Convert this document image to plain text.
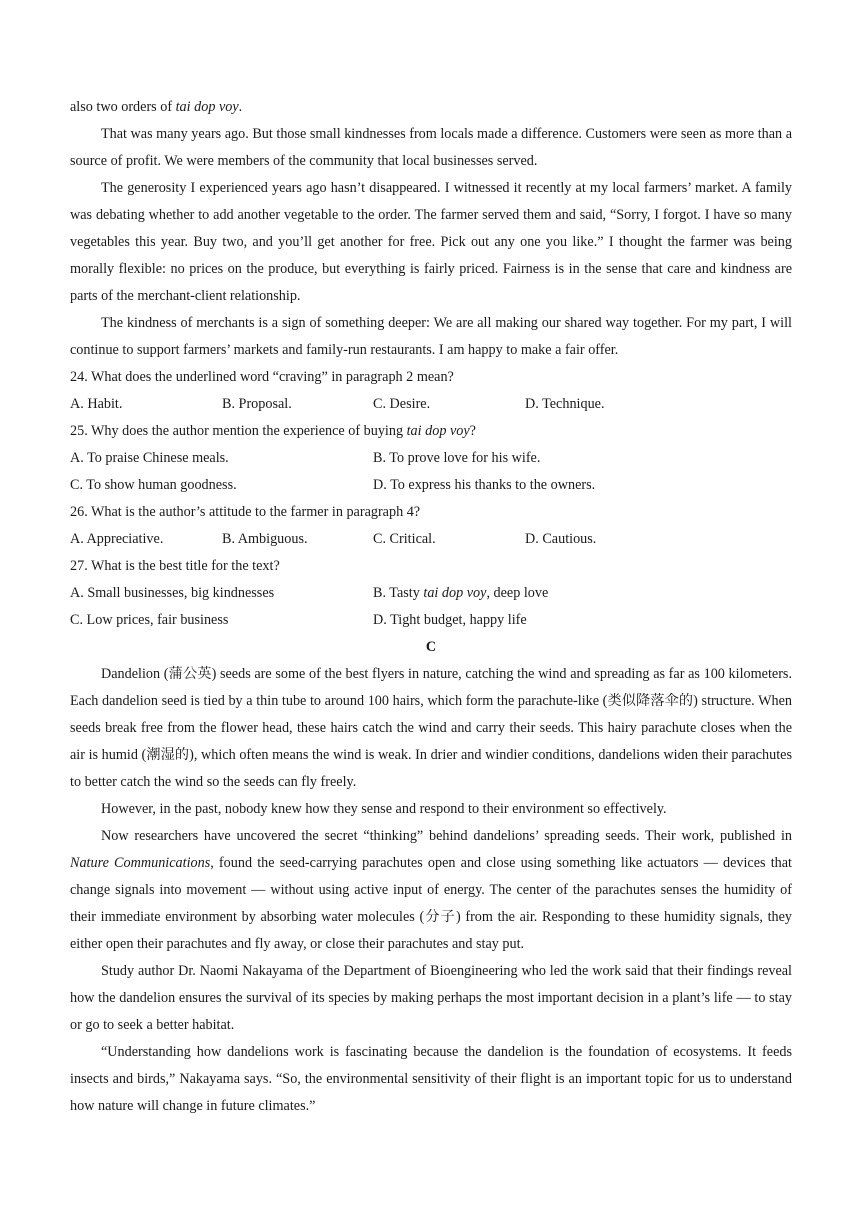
also two orders of tai dop voy.

That was many years ago. But those small kindnesses from locals made a difference. Customers were seen as more than a source of profit. We were members of the community that local businesses served.

The generosity I experienced years ago hasn’t disappeared. I witnessed it recently at my local farmers’ market. A family was debating whether to add another vegetable to the order. The farmer served them and said, “Sorry, I forgot. I have so many vegetables this year. Buy two, and you’ll get another for free. Pick out any one you like.” I thought the farmer was being morally flexible: no prices on the produce, but everything is fairly priced. Fairness is in the sense that care and kindness are parts of the merchant-client relationship.

The kindness of merchants is a sign of something deeper: We are all making our shared way together. For my part, I will continue to support farmers’ markets and family-run restaurants. I am happy to make a fair offer.

24. What does the underlined word “craving” in paragraph 2 mean?
A. Habit.	B. Proposal.	C. Desire.	D. Technique.
25. Why does the author mention the experience of buying tai dop voy?
A. To praise Chinese meals.	B. To prove love for his wife.
C. To show human goodness.	D. To express his thanks to the owners.
26. What is the author’s attitude to the farmer in paragraph 4?
A. Appreciative.	B. Ambiguous.	C. Critical.	D. Cautious.
27. What is the best title for the text?
A. Small businesses, big kindnesses	B. Tasty tai dop voy, deep love
C. Low prices, fair business	D. Tight budget, happy life
C

Dandelion (蒲公英) seeds are some of the best flyers in nature, catching the wind and spreading as far as 100 kilometers. Each dandelion seed is tied by a thin tube to around 100 hairs, which form the parachute-like (类似降落伞的) structure. When seeds break free from the flower head, these hairs catch the wind and carry their seeds. This hairy parachute closes when the air is humid (潮湿的), which often means the wind is weak. In drier and windier conditions, dandelions widen their parachutes to better catch the wind so the seeds can fly freely.

However, in the past, nobody knew how they sense and respond to their environment so effectively.

Now researchers have uncovered the secret “thinking” behind dandelions’ spreading seeds. Their work, published in Nature Communications, found the seed-carrying parachutes open and close using something like actuators — devices that change signals into movement — without using active input of energy. The center of the parachutes senses the humidity of their immediate environment by absorbing water molecules (分子) from the air. Responding to these humidity signals, they either open their parachutes and fly away, or close their parachutes and stay put.

Study author Dr. Naomi Nakayama of the Department of Bioengineering who led the work said that their findings reveal how the dandelion ensures the survival of its species by making perhaps the most important decision in a plant’s life — to stay or go to seek a better habitat.

“Understanding how dandelions work is fascinating because the dandelion is the foundation of ecosystems. It feeds insects and birds,” Nakayama says. “So, the environmental sensitivity of their flight is an important topic for us to understand how nature will change in future climates.”
